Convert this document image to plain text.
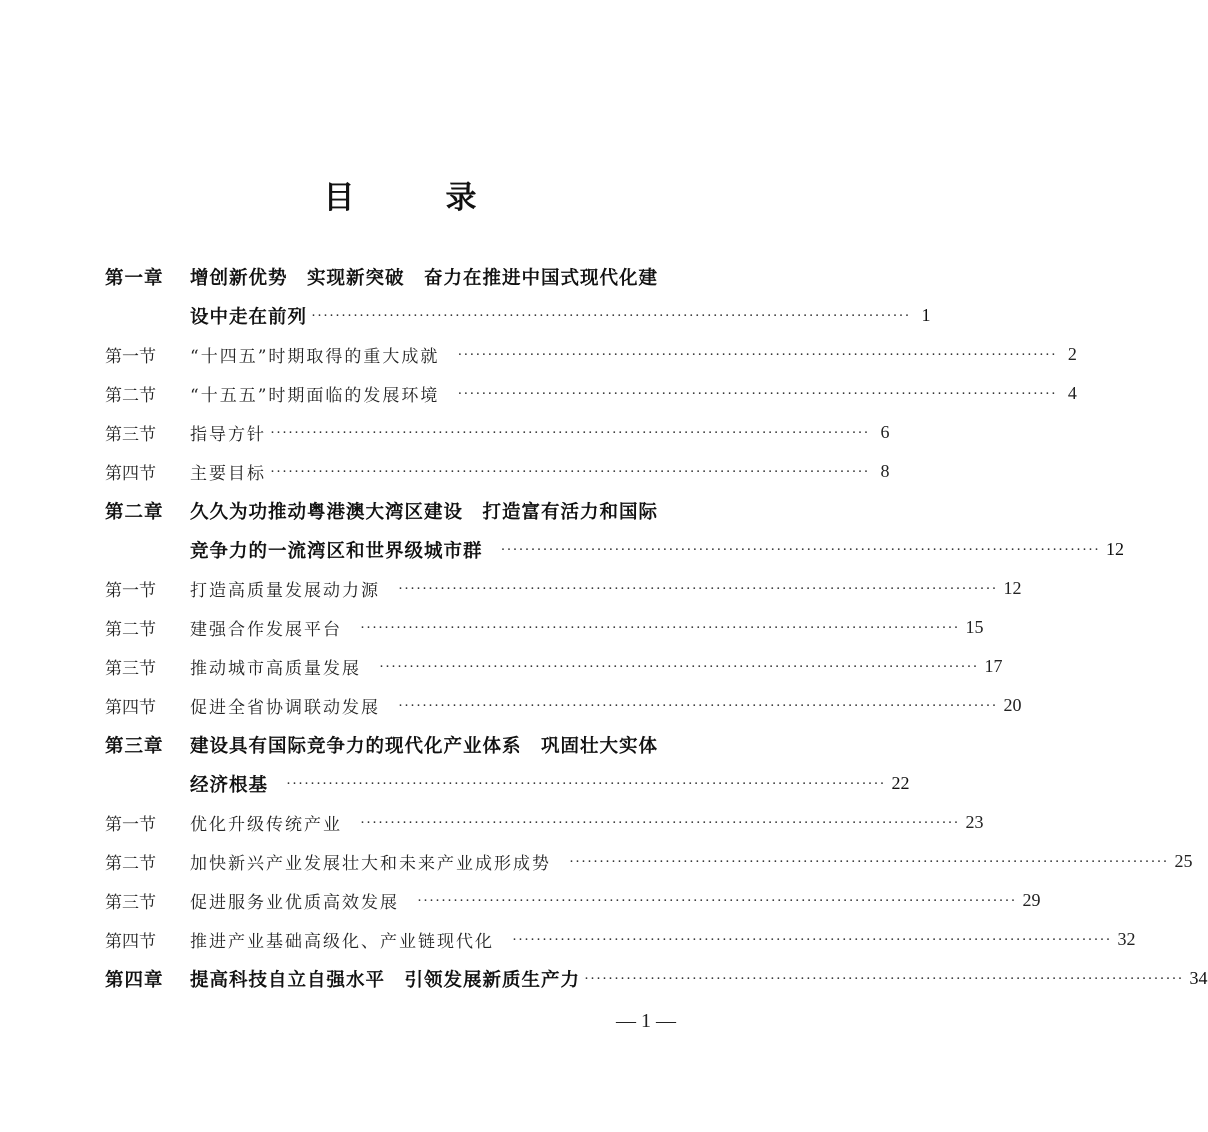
目　录
第一章	增创新优势　实现新突破　奋力在推进中国式现代化建
设中走在前列 ···································································································· 1
第一节	“十四五”时期取得的重大成就 ···································································································· 2
第二节	“十五五”时期面临的发展环境 ···································································································· 4
第三节	指导方针 ···································································································· 6
第四节	主要目标 ···································································································· 8
第二章	久久为功推动粤港澳大湾区建设　打造富有活力和国际
竞争力的一流湾区和世界级城市群 ···································································································· 12
第一节	打造高质量发展动力源 ···································································································· 12
第二节	建强合作发展平台 ···································································································· 15
第三节	推动城市高质量发展 ···································································································· 17
第四节	促进全省协调联动发展 ···································································································· 20
第三章	建设具有国际竞争力的现代化产业体系　巩固壮大实体
经济根基 ···································································································· 22
第一节	优化升级传统产业 ···································································································· 23
第二节	加快新兴产业发展壮大和未来产业成形成势 ···································································································· 25
第三节	促进服务业优质高效发展 ···································································································· 29
第四节	推进产业基础高级化、产业链现代化 ···································································································· 32
第四章	提高科技自立自强水平　引领发展新质生产力 ···································································································· 34
— 1 —
